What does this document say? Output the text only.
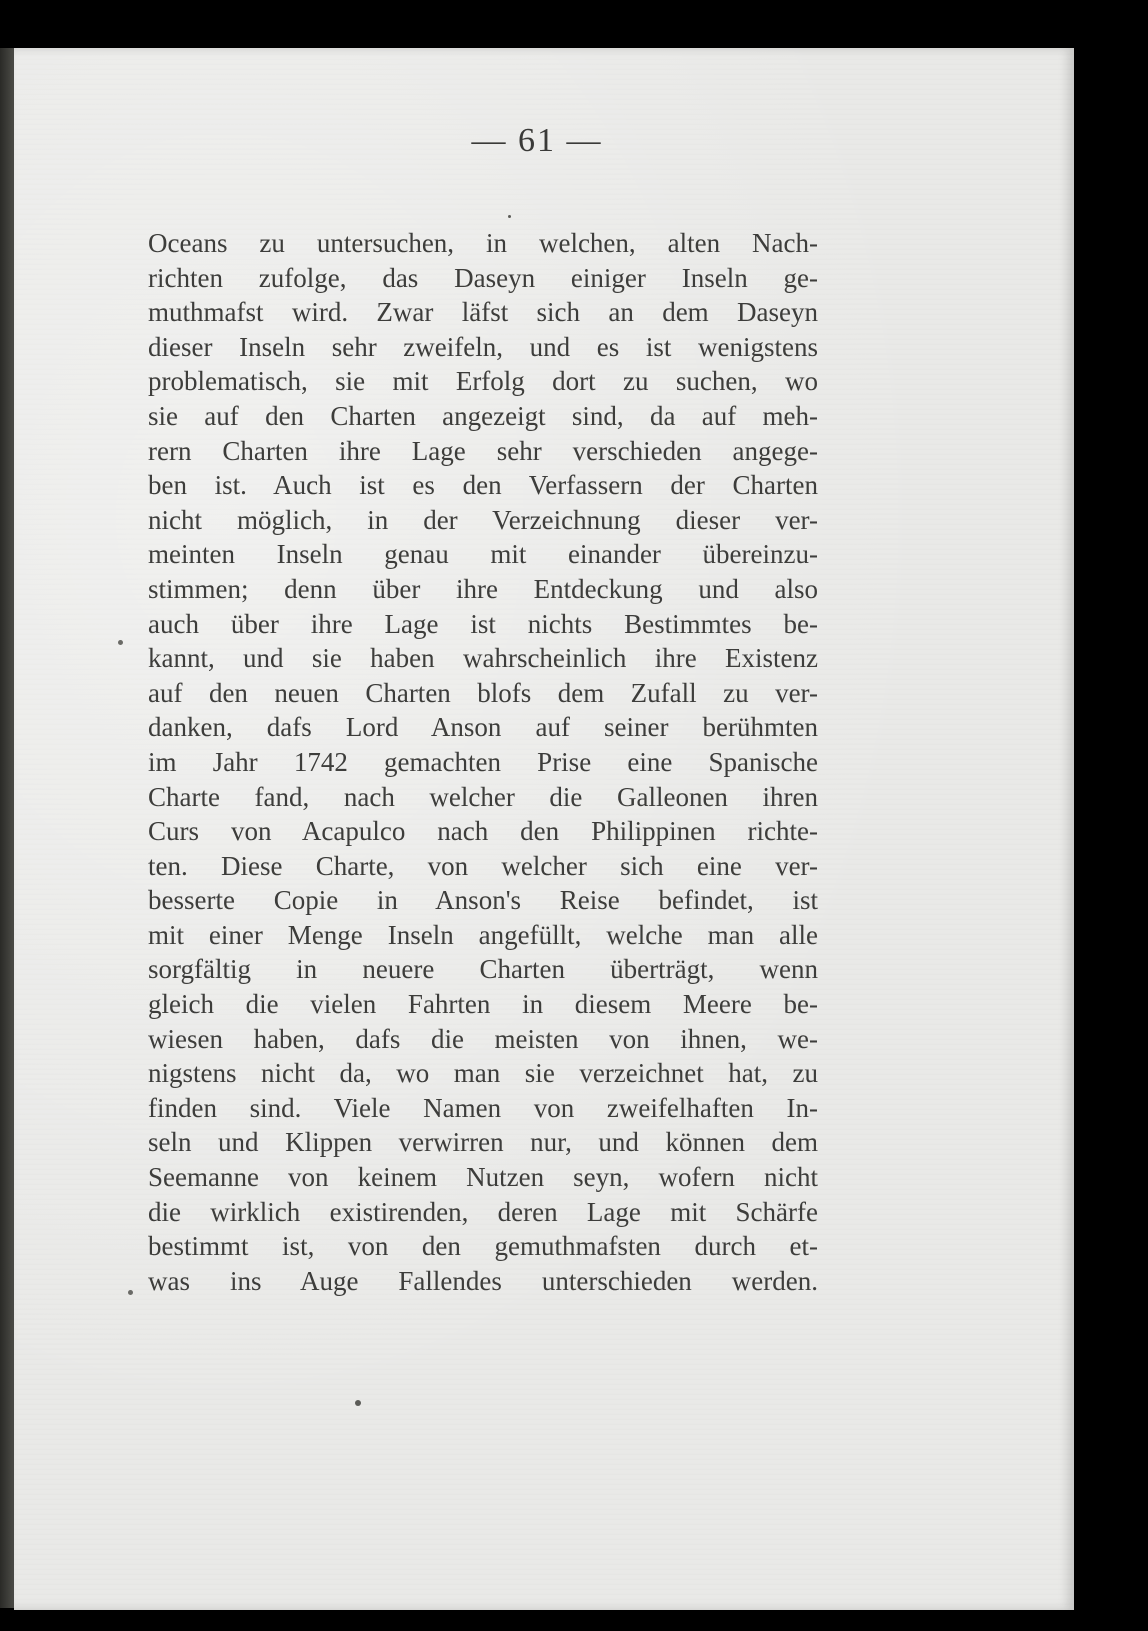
— 61 —
Oceans zu untersuchen, in welchen, alten Nach-
richten zufolge, das Daseyn einiger Inseln ge-
muthmafst wird. Zwar läfst sich an dem Daseyn
dieser Inseln sehr zweifeln, und es ist wenigstens
problematisch, sie mit Erfolg dort zu suchen, wo
sie auf den Charten angezeigt sind, da auf meh-
rern Charten ihre Lage sehr verschieden angege-
ben ist. Auch ist es den Verfassern der Charten
nicht möglich, in der Verzeichnung dieser ver-
meinten Inseln genau mit einander übereinzu-
stimmen; denn über ihre Entdeckung und also
auch über ihre Lage ist nichts Bestimmtes be-
kannt, und sie haben wahrscheinlich ihre Existenz
auf den neuen Charten blofs dem Zufall zu ver-
danken, dafs Lord Anson auf seiner berühmten
im Jahr 1742 gemachten Prise eine Spanische
Charte fand, nach welcher die Galleonen ihren
Curs von Acapulco nach den Philippinen richte-
ten. Diese Charte, von welcher sich eine ver-
besserte Copie in Anson's Reise befindet, ist
mit einer Menge Inseln angefüllt, welche man alle
sorgfältig in neuere Charten überträgt, wenn
gleich die vielen Fahrten in diesem Meere be-
wiesen haben, dafs die meisten von ihnen, we-
nigstens nicht da, wo man sie verzeichnet hat, zu
finden sind. Viele Namen von zweifelhaften In-
seln und Klippen verwirren nur, und können dem
Seemanne von keinem Nutzen seyn, wofern nicht
die wirklich existirenden, deren Lage mit Schärfe
bestimmt ist, von den gemuthmafsten durch et-
was ins Auge Fallendes unterschieden werden.
